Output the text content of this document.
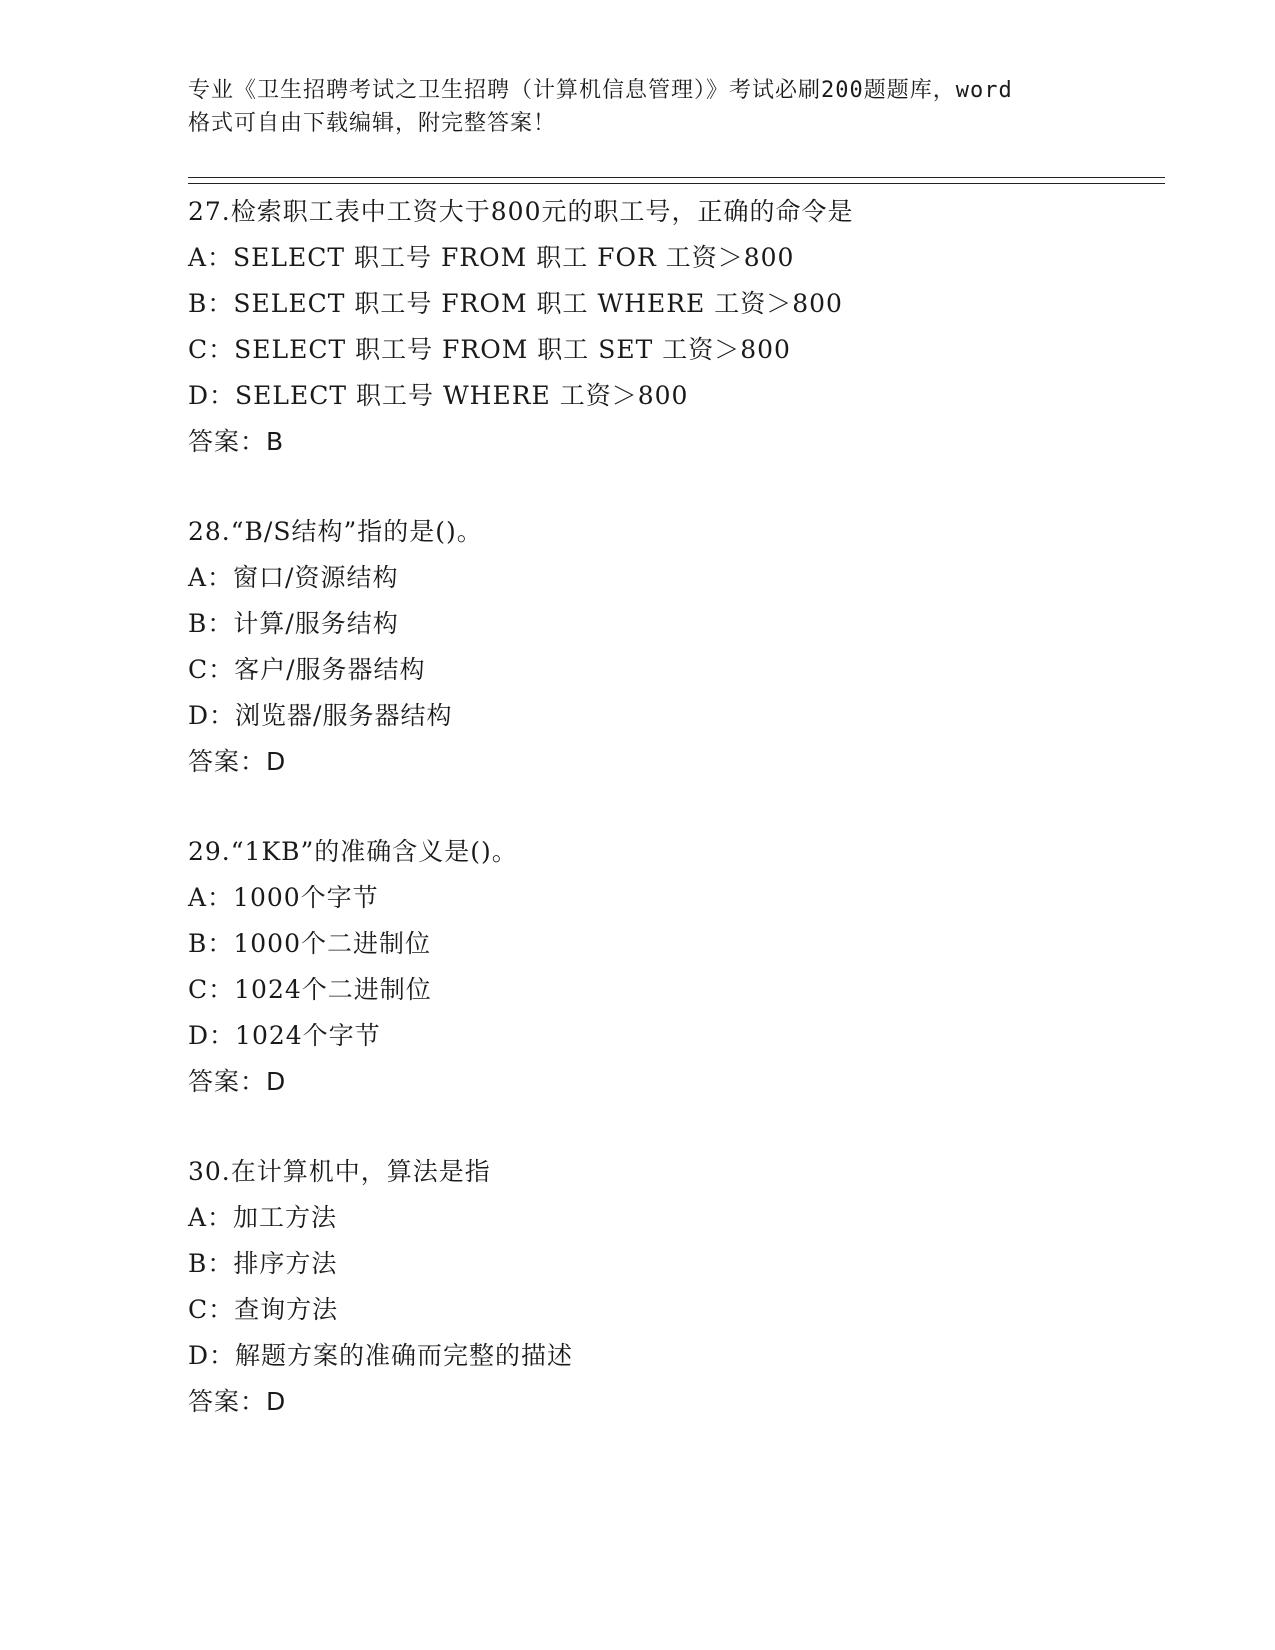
专业《卫生招聘考试之卫生招聘（计算机信息管理）》考试必刷200题题库，word
格式可自由下载编辑，附完整答案！
27.检索职工表中工资大于800元的职工号，正确的命令是
A：SELECT 职工号 FROM 职工 FOR 工资＞800
B：SELECT 职工号 FROM 职工 WHERE 工资＞800
C：SELECT 职工号 FROM 职工 SET 工资＞800
D：SELECT 职工号 WHERE 工资＞800
答案：B
28.“B/S结构”指的是()。
A：窗口/资源结构
B：计算/服务结构
C：客户/服务器结构
D：浏览器/服务器结构
答案：D
29.“1KB”的准确含义是()。
A：1000个字节
B：1000个二进制位
C：1024个二进制位
D：1024个字节
答案：D
30.在计算机中，算法是指
A：加工方法
B：排序方法
C：查询方法
D：解题方案的准确而完整的描述
答案：D
